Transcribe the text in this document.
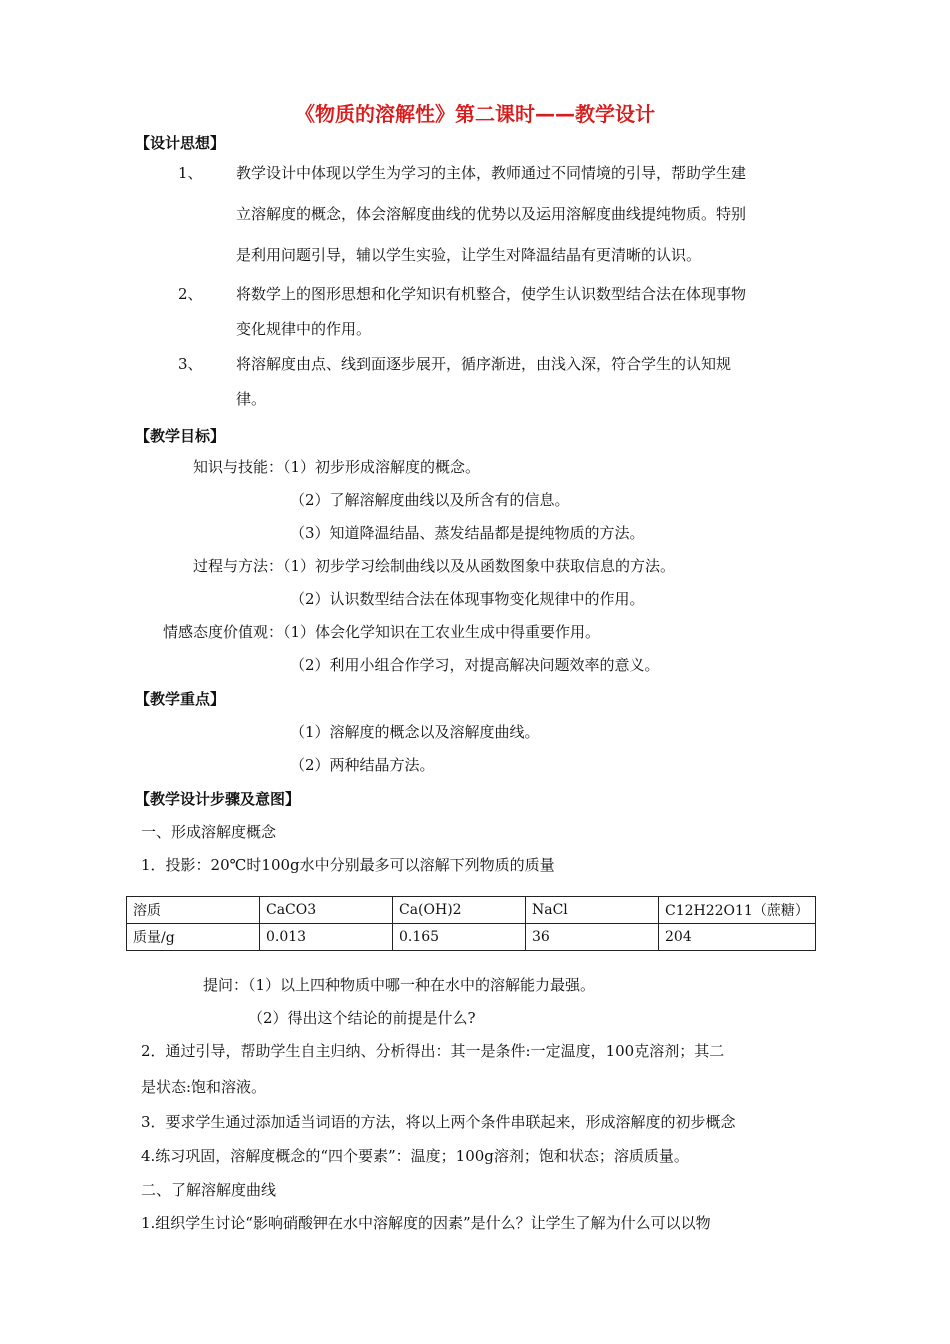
《物质的溶解性》第二课时——教学设计
【设计思想】
1、 教学设计中体现以学生为学习的主体，教师通过不同情境的引导，帮助学生建
立溶解度的概念，体会溶解度曲线的优势以及运用溶解度曲线提纯物质。特别
是利用问题引导，辅以学生实验，让学生对降温结晶有更清晰的认识。
2、 将数学上的图形思想和化学知识有机整合，使学生认识数型结合法在体现事物
变化规律中的作用。
3、 将溶解度由点、线到面逐步展开，循序渐进，由浅入深，符合学生的认知规
律。
【教学目标】
知识与技能：（1）初步形成溶解度的概念。
（2）了解溶解度曲线以及所含有的信息。
（3）知道降温结晶、蒸发结晶都是提纯物质的方法。
过程与方法：（1）初步学习绘制曲线以及从函数图象中获取信息的方法。
（2）认识数型结合法在体现事物变化规律中的作用。
情感态度价值观：（1）体会化学知识在工农业生成中得重要作用。
（2）利用小组合作学习，对提高解决问题效率的意义。
【教学重点】
（1）溶解度的概念以及溶解度曲线。
（2）两种结晶方法。
【教学设计步骤及意图】
一、形成溶解度概念
1．投影：20℃时100g水中分别最多可以溶解下列物质的质量
溶质	CaCO3	Ca(OH)2	NaCl	C12H22O11（蔗糖）
质量/g	0.013	0.165	36	204
提问：（1）以上四种物质中哪一种在水中的溶解能力最强。
（2）得出这个结论的前提是什么?
2．通过引导，帮助学生自主归纳、分析得出：其一是条件:一定温度，100克溶剂；其二
是状态:饱和溶液。
3．要求学生通过添加适当词语的方法，将以上两个条件串联起来，形成溶解度的初步概念
4.练习巩固，溶解度概念的“四个要素”：温度；100g溶剂；饱和状态；溶质质量。
二、了解溶解度曲线
1.组织学生讨论“影响硝酸钾在水中溶解度的因素”是什么？让学生了解为什么可以以物
